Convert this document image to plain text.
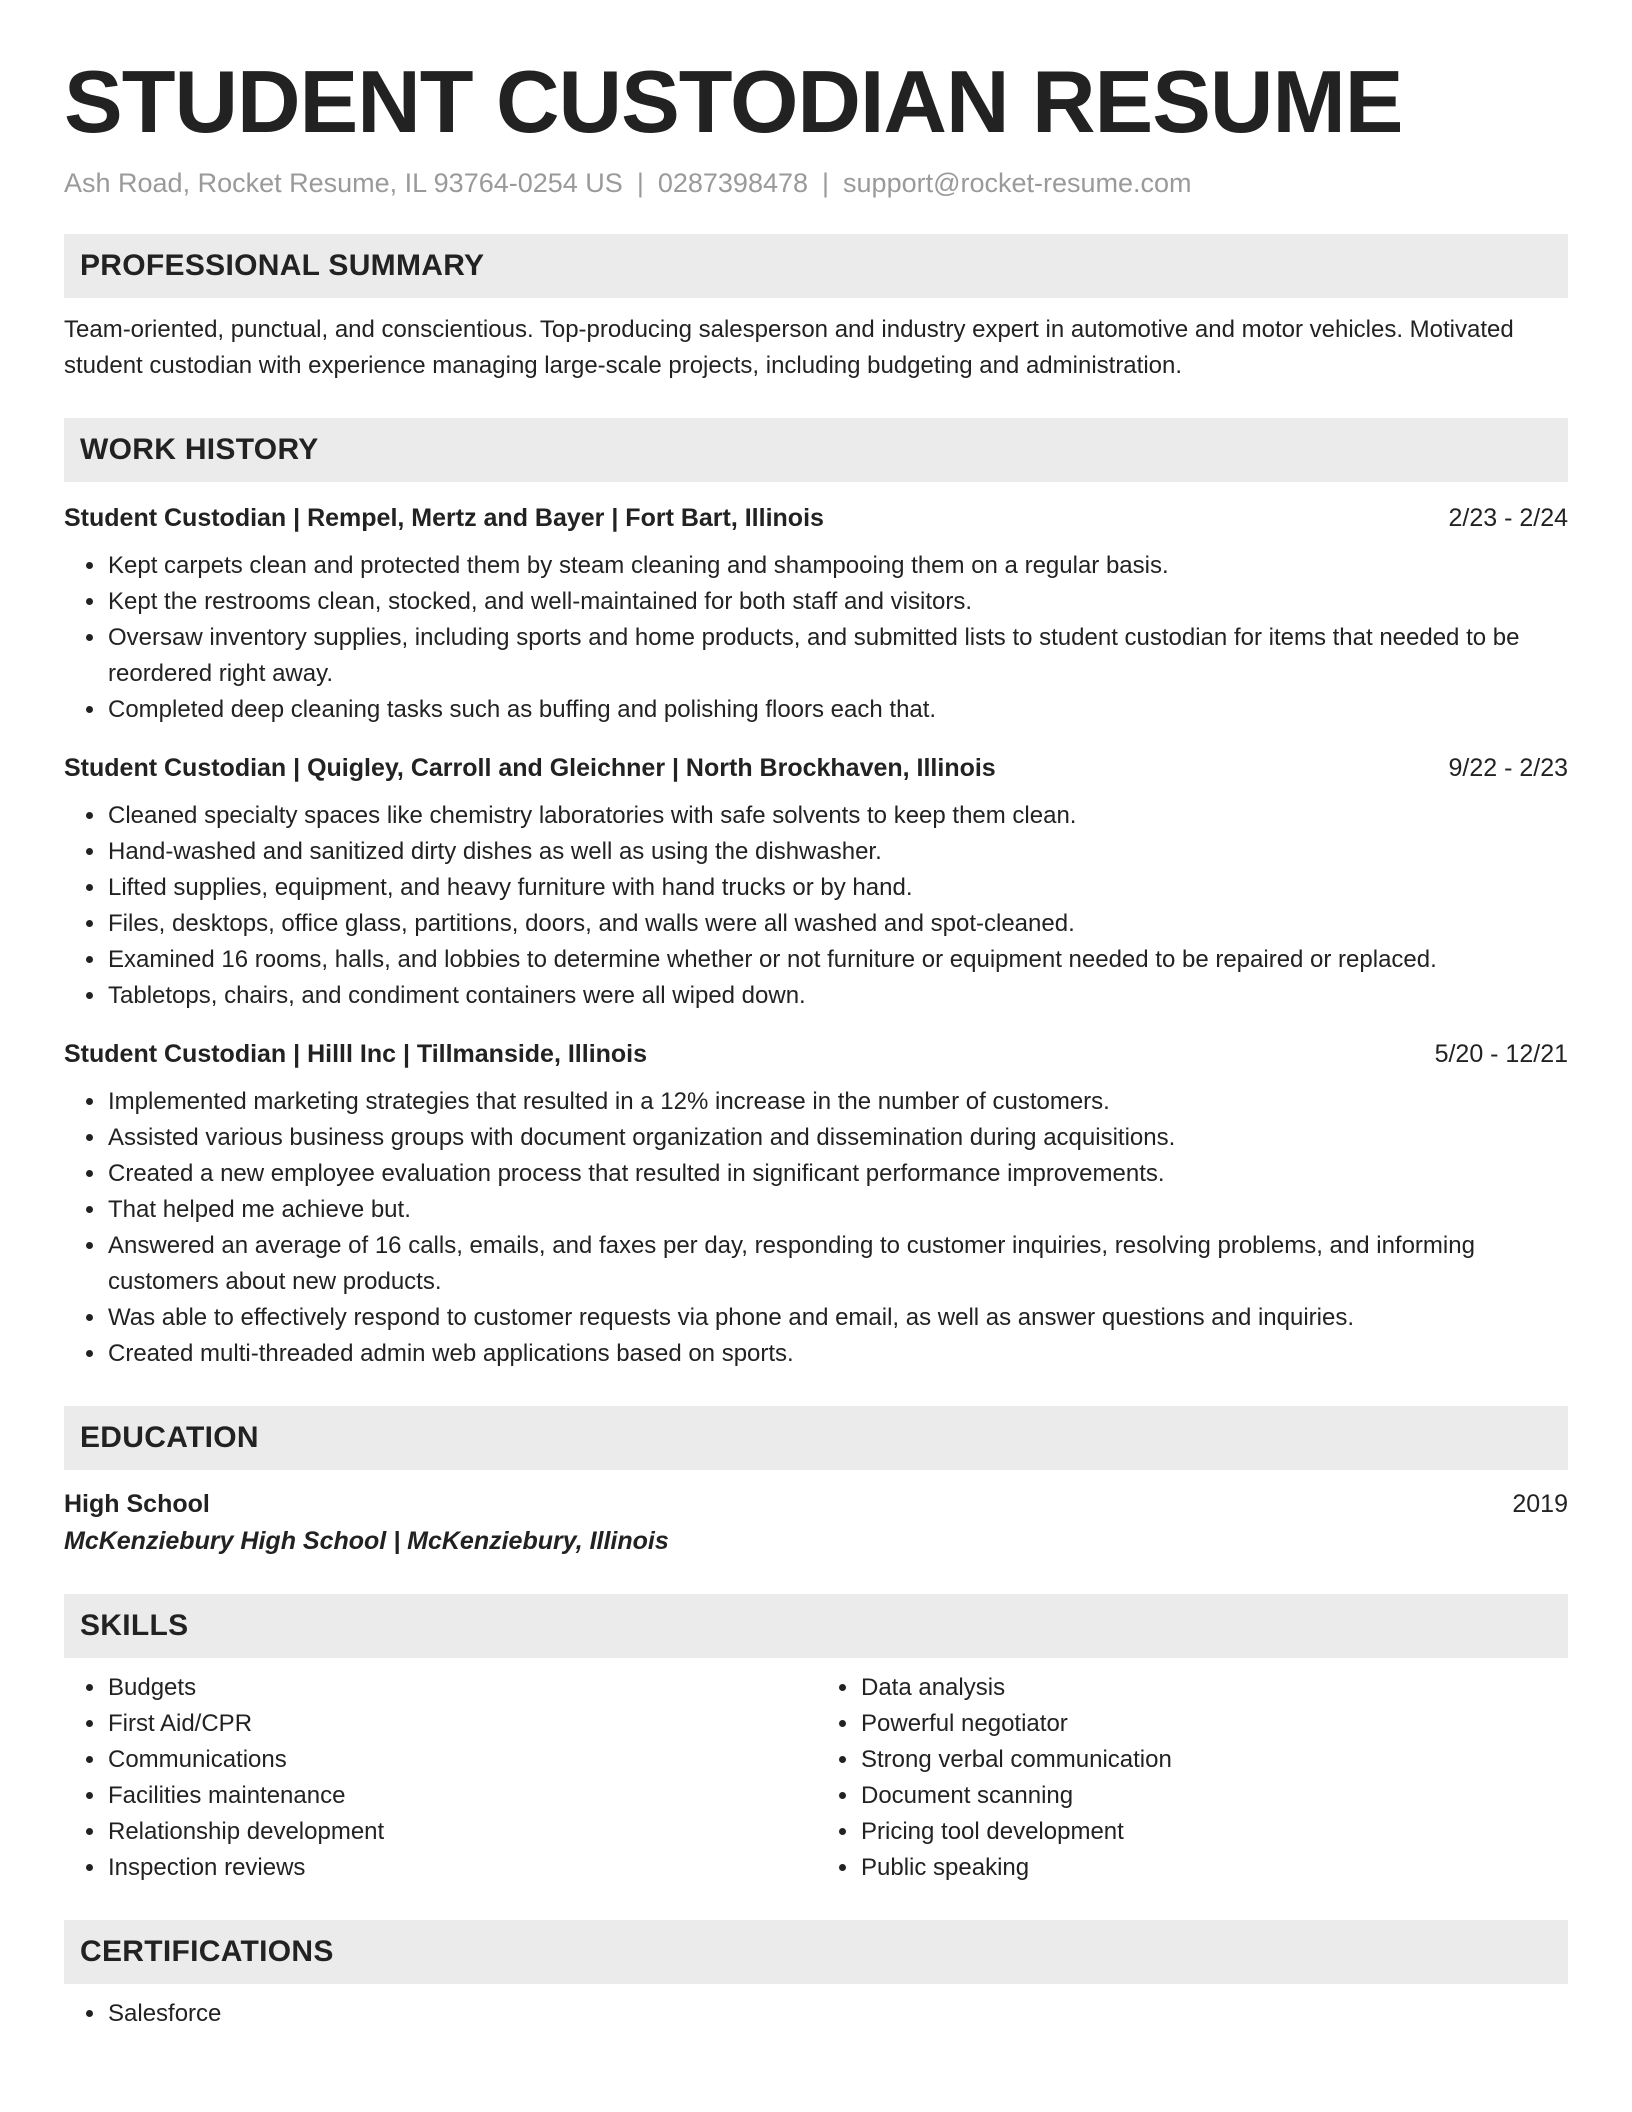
STUDENT CUSTODIAN RESUME
Ash Road, Rocket Resume, IL 93764-0254 US | 0287398478 | support@rocket-resume.com
PROFESSIONAL SUMMARY
Team-oriented, punctual, and conscientious. Top-producing salesperson and industry expert in automotive and motor vehicles. Motivated student custodian with experience managing large-scale projects, including budgeting and administration.
WORK HISTORY
Student Custodian | Rempel, Mertz and Bayer | Fort Bart, Illinois	2/23 - 2/24
• Kept carpets clean and protected them by steam cleaning and shampooing them on a regular basis.
• Kept the restrooms clean, stocked, and well-maintained for both staff and visitors.
• Oversaw inventory supplies, including sports and home products, and submitted lists to student custodian for items that needed to be reordered right away.
• Completed deep cleaning tasks such as buffing and polishing floors each that.
Student Custodian | Quigley, Carroll and Gleichner | North Brockhaven, Illinois	9/22 - 2/23
• Cleaned specialty spaces like chemistry laboratories with safe solvents to keep them clean.
• Hand-washed and sanitized dirty dishes as well as using the dishwasher.
• Lifted supplies, equipment, and heavy furniture with hand trucks or by hand.
• Files, desktops, office glass, partitions, doors, and walls were all washed and spot-cleaned.
• Examined 16 rooms, halls, and lobbies to determine whether or not furniture or equipment needed to be repaired or replaced.
• Tabletops, chairs, and condiment containers were all wiped down.
Student Custodian | Hilll Inc | Tillmanside, Illinois	5/20 - 12/21
• Implemented marketing strategies that resulted in a 12% increase in the number of customers.
• Assisted various business groups with document organization and dissemination during acquisitions.
• Created a new employee evaluation process that resulted in significant performance improvements.
• That helped me achieve but.
• Answered an average of 16 calls, emails, and faxes per day, responding to customer inquiries, resolving problems, and informing customers about new products.
• Was able to effectively respond to customer requests via phone and email, as well as answer questions and inquiries.
• Created multi-threaded admin web applications based on sports.
EDUCATION
High School	2019
McKenziebury High School | McKenziebury, Illinois
SKILLS
• Budgets
• First Aid/CPR
• Communications
• Facilities maintenance
• Relationship development
• Inspection reviews
• Data analysis
• Powerful negotiator
• Strong verbal communication
• Document scanning
• Pricing tool development
• Public speaking
CERTIFICATIONS
• Salesforce
